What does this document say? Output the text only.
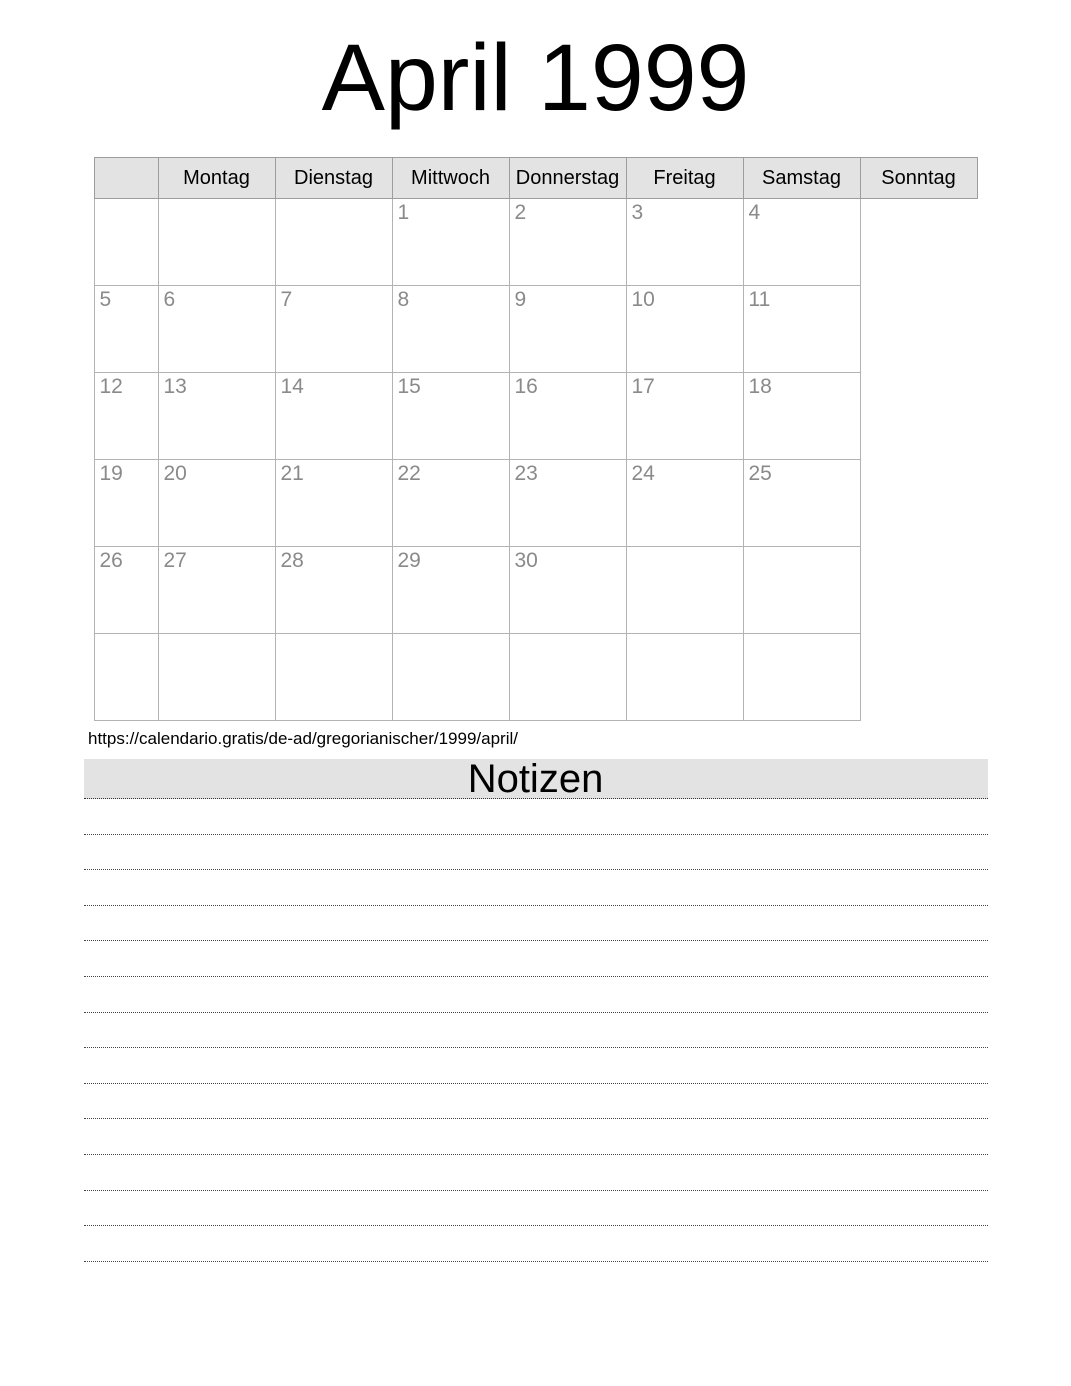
April 1999
	Montag	Dienstag	Mittwoch	Donnerstag	Freitag	Samstag	Sonntag
			1	2	3	4	
5	6	7	8	9	10	11	
12	13	14	15	16	17	18	
19	20	21	22	23	24	25	
26	27	28	29	30			

https://calendario.gratis/de-ad/gregorianischer/1999/april/

Notizen
